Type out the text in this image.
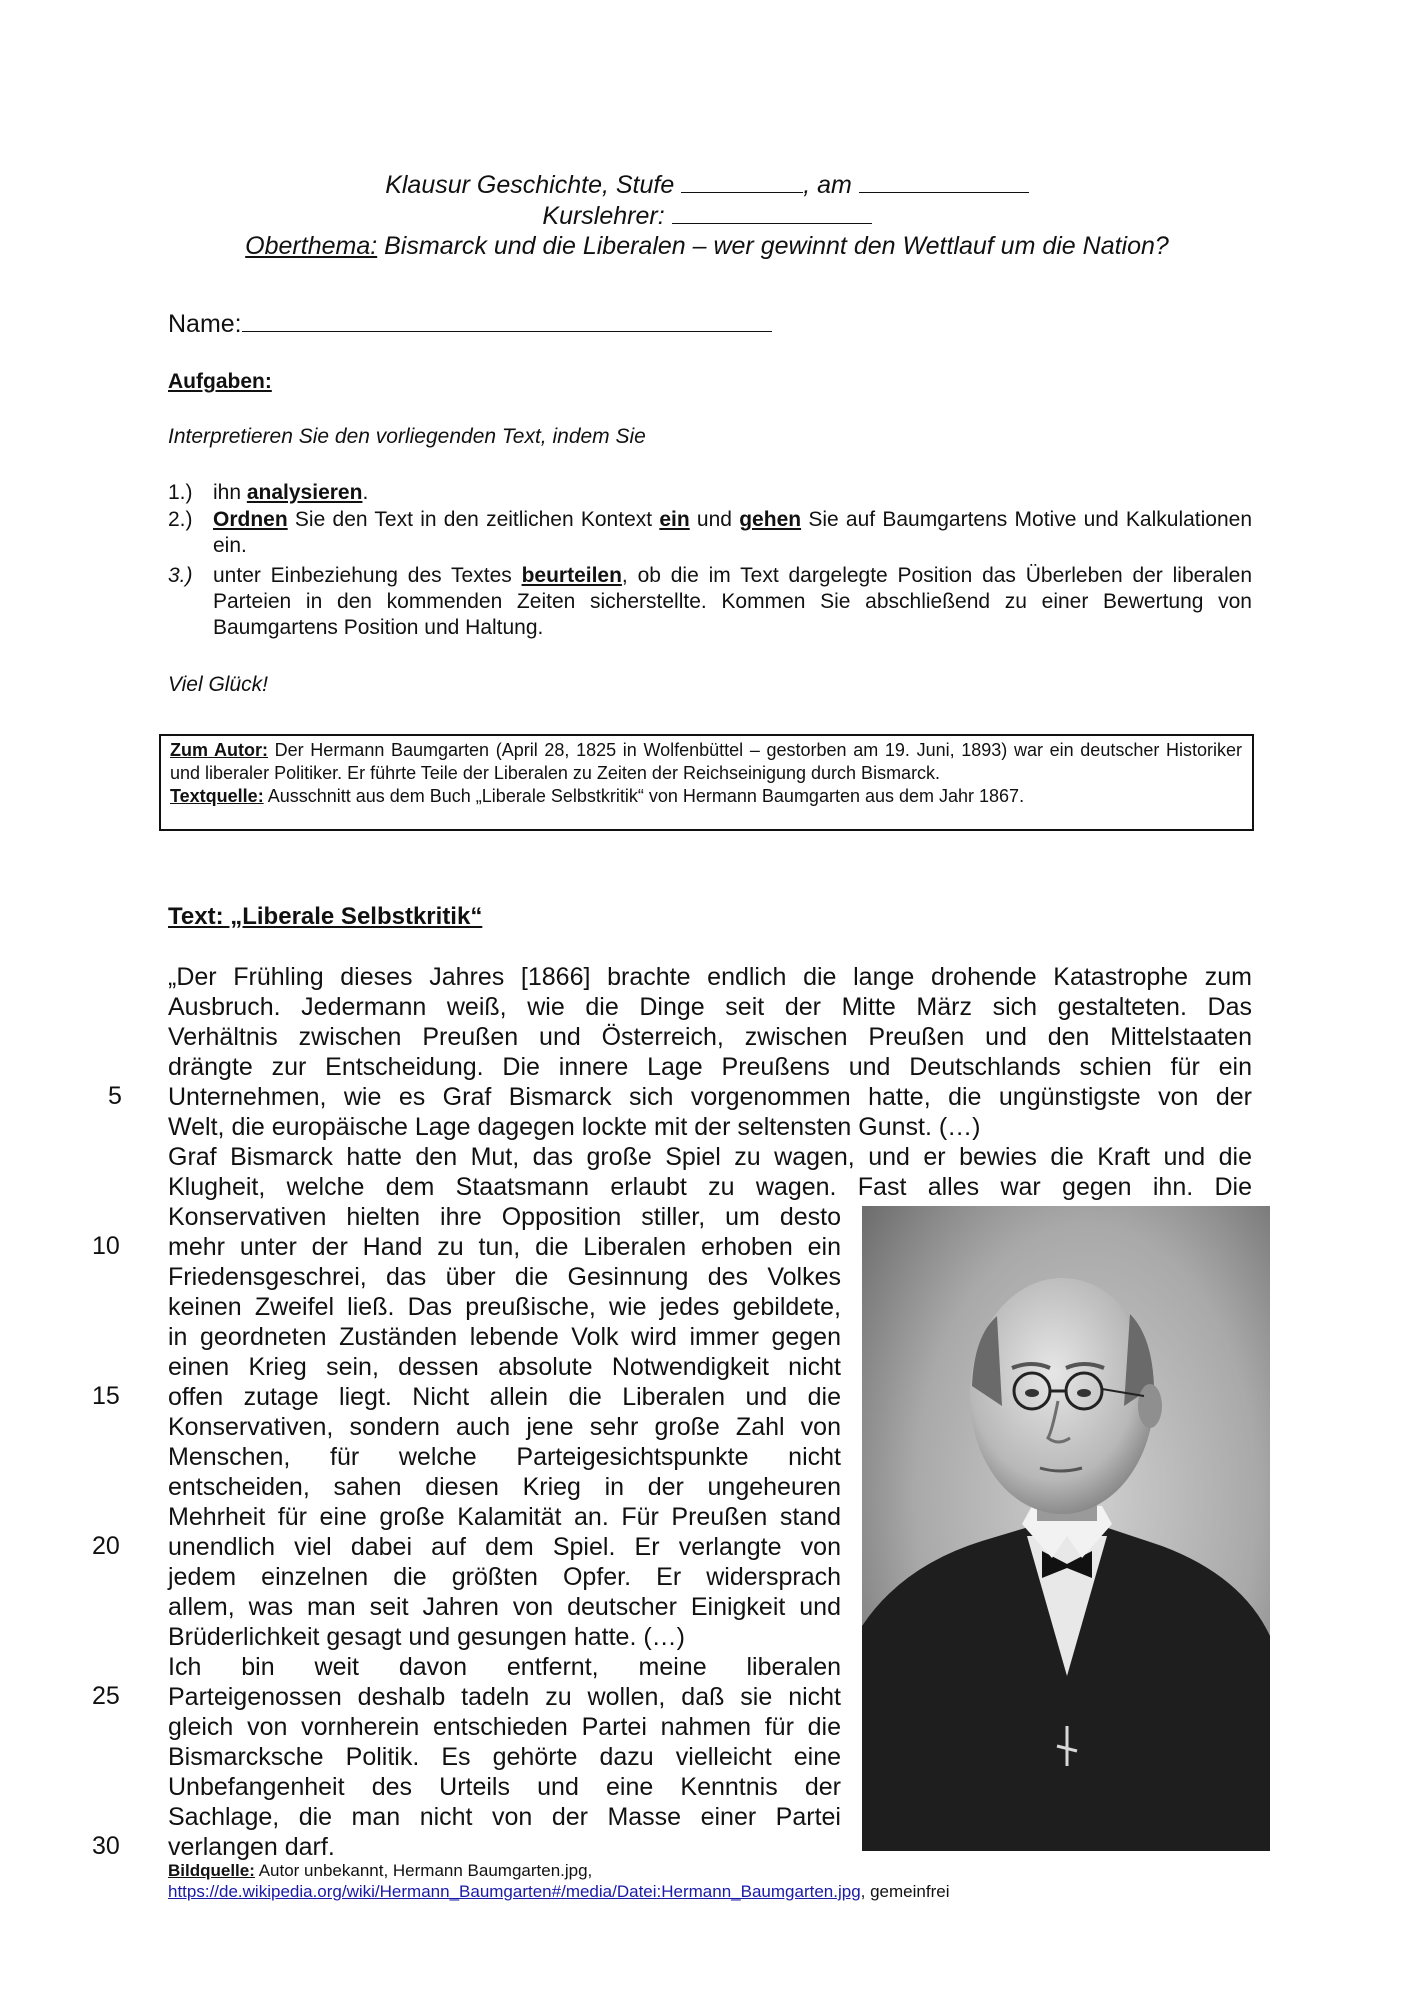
Klausur Geschichte, Stufe	, am
Kurslehrer:
Oberthema: Bismarck und die Liberalen – wer gewinnt den Wettlauf um die Nation?
Name:
Aufgaben:
Interpretieren Sie den vorliegenden Text, indem Sie
1.) ihn analysieren.
2.) Ordnen Sie den Text in den zeitlichen Kontext ein und gehen Sie auf Baumgartens Motive und Kalkulationen ein.
3.) unter Einbeziehung des Textes beurteilen, ob die im Text dargelegte Position das Überleben der liberalen Parteien in den kommenden Zeiten sicherstellte. Kommen Sie abschließend zu einer Bewertung von Baumgartens Position und Haltung.
Viel Glück!
Zum Autor: Der Hermann Baumgarten (April 28, 1825 in Wolfenbüttel – gestorben am 19. Juni, 1893) war ein deutscher Historiker und liberaler Politiker. Er führte Teile der Liberalen zu Zeiten der Reichseinigung durch Bismarck.
Textquelle: Ausschnitt aus dem Buch „Liberale Selbstkritik“ von Hermann Baumgarten aus dem Jahr 1867.
Text: „Liberale Selbstkritik“
„Der Frühling dieses Jahres [1866] brachte endlich die lange drohende Katastrophe zum
Ausbruch. Jedermann weiß, wie die Dinge seit der Mitte März sich gestalteten. Das
Verhältnis zwischen Preußen und Österreich, zwischen Preußen und den Mittelstaaten
drängte zur Entscheidung. Die innere Lage Preußens und Deutschlands schien für ein
Unternehmen, wie es Graf Bismarck sich vorgenommen hatte, die ungünstigste von der
Welt, die europäische Lage dagegen lockte mit der seltensten Gunst. (…)
Graf Bismarck hatte den Mut, das große Spiel zu wagen, und er bewies die Kraft und die
Klugheit, welche dem Staatsmann erlaubt zu wagen. Fast alles war gegen ihn. Die
Konservativen hielten ihre Opposition stiller, um desto
mehr unter der Hand zu tun, die Liberalen erhoben ein
Friedensgeschrei, das über die Gesinnung des Volkes
keinen Zweifel ließ. Das preußische, wie jedes gebildete,
in geordneten Zuständen lebende Volk wird immer gegen
einen Krieg sein, dessen absolute Notwendigkeit nicht
offen zutage liegt. Nicht allein die Liberalen und die
Konservativen, sondern auch jene sehr große Zahl von
Menschen, für welche Parteigesichtspunkte nicht
entscheiden, sahen diesen Krieg in der ungeheuren
Mehrheit für eine große Kalamität an. Für Preußen stand
unendlich viel dabei auf dem Spiel. Er verlangte von
jedem einzelnen die größten Opfer. Er widersprach
allem, was man seit Jahren von deutscher Einigkeit und
Brüderlichkeit gesagt und gesungen hatte. (…)
Ich bin weit davon entfernt, meine liberalen
Parteigenossen deshalb tadeln zu wollen, daß sie nicht
gleich von vornherein entschieden Partei nahmen für die
Bismarcksche Politik. Es gehörte dazu vielleicht eine
Unbefangenheit des Urteils und eine Kenntnis der
Sachlage, die man nicht von der Masse einer Partei
verlangen darf.
5
10
15
20
25
30
Bildquelle: Autor unbekannt, Hermann Baumgarten.jpg,
https://de.wikipedia.org/wiki/Hermann_Baumgarten#/media/Datei:Hermann_Baumgarten.jpg, gemeinfrei
